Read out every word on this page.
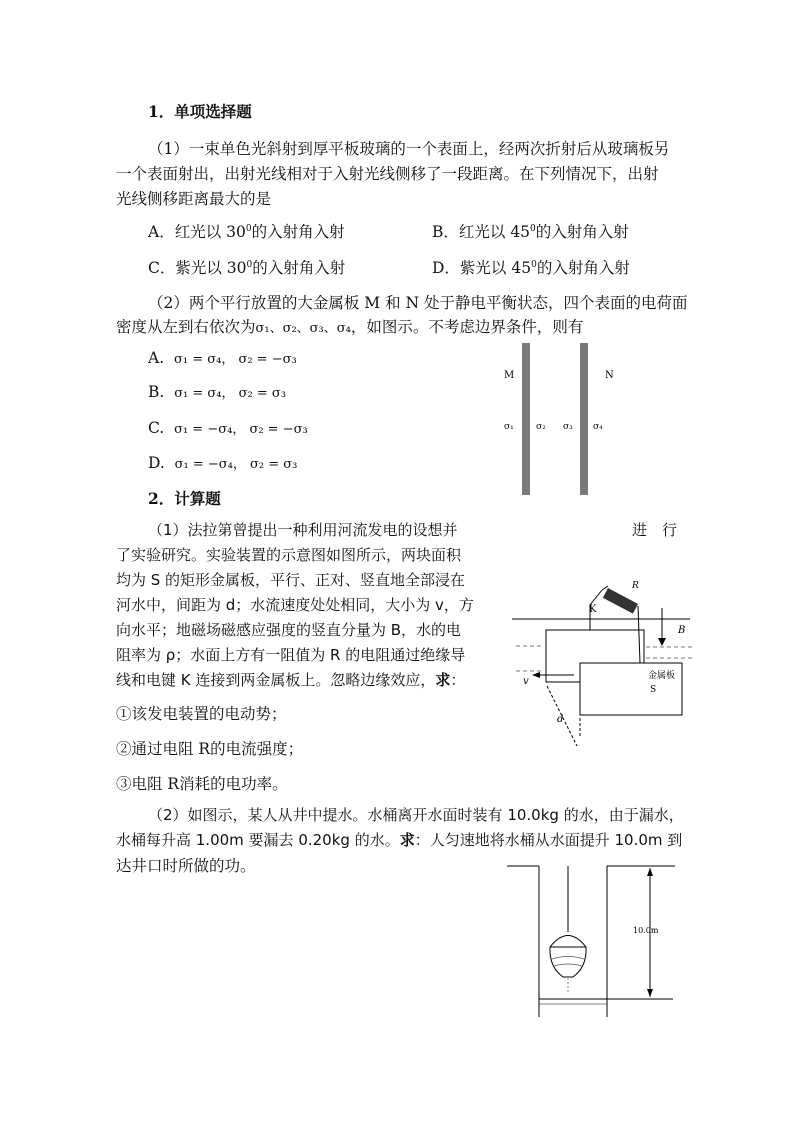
1．单项选择题
（1）一束单色光斜射到厚平板玻璃的一个表面上，经两次折射后从玻璃板另
一个表面射出，出射光线相对于入射光线侧移了一段距离。在下列情况下，出射
光线侧移距离最大的是
A．红光以 $30^0$的入射角入射	B．红光以 $45^0$的入射角入射
C．紫光以 $30^0$的入射角入射	D．紫光以 $45^0$的入射角入射
（2）两个平行放置的大金属板 M 和 N 处于静电平衡状态，四个表面的电荷面
密度从左到右依次为σ₁、σ₂、σ₃、σ₄，如图示。不考虑边界条件，则有
A. σ₁ = σ₄， σ₂ = −σ₃
B. σ₁ = σ₄， σ₂ = σ₃
C. σ₁ = −σ₄， σ₂ = −σ₃
D. σ₁ = −σ₄， σ₂ = σ₃
M	N
σ₁ σ₂ σ₃ σ₄
2．计算题
（1）法拉第曾提出一种利用河流发电的设想并	进　行
了实验研究。实验装置的示意图如图所示，两块面积
均为 S 的矩形金属板，平行、正对、竖直地全部浸在
河水中，间距为 d；水流速度处处相同，大小为 v，方
向水平；地磁场磁感应强度的竖直分量为 B，水的电
阻率为 ρ；水面上方有一阻值为 R 的电阻通过绝缘导
线和电键 K 连接到两金属板上。忽略边缘效应，求：
①该发电装置的电动势；
②通过电阻 R的电流强度；
③电阻 R消耗的电功率。
R
K
B
v	金属板
S
d
（2）如图示，某人从井中提水。水桶离开水面时装有 10.0kg 的水，由于漏水，
水桶每升高 1.00m 要漏去 0.20kg 的水。求：人匀速地将水桶从水面提升 10.0m 到
达井口时所做的功。
10.0m
